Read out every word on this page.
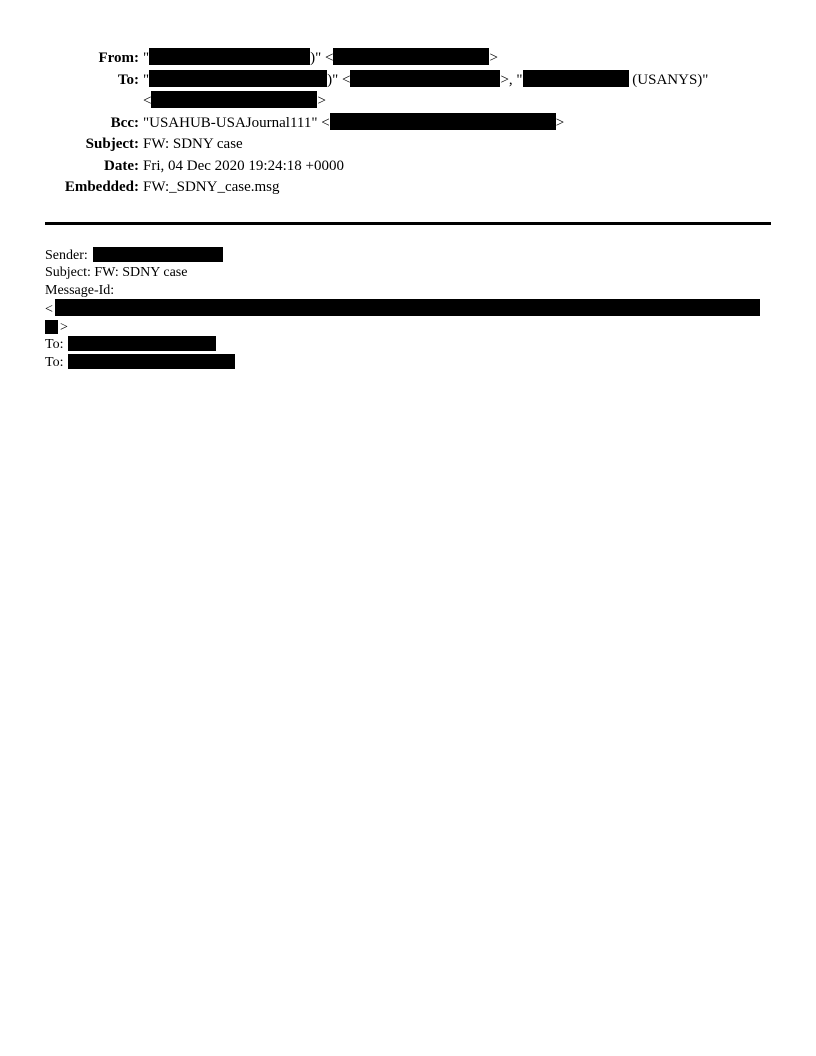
From:	" )" < >
To:	" )" < >, " (USANYS)"
< >

Bcc:	"USAHUB-USAJournal111" < >
Subject:	FW: SDNY case
Date:	Fri, 04 Dec 2020 19:24:18 +0000
Embedded:	FW:_SDNY_case.msg
Sender:
Subject: FW: SDNY case
Message-Id:
<
>
To:
To:
